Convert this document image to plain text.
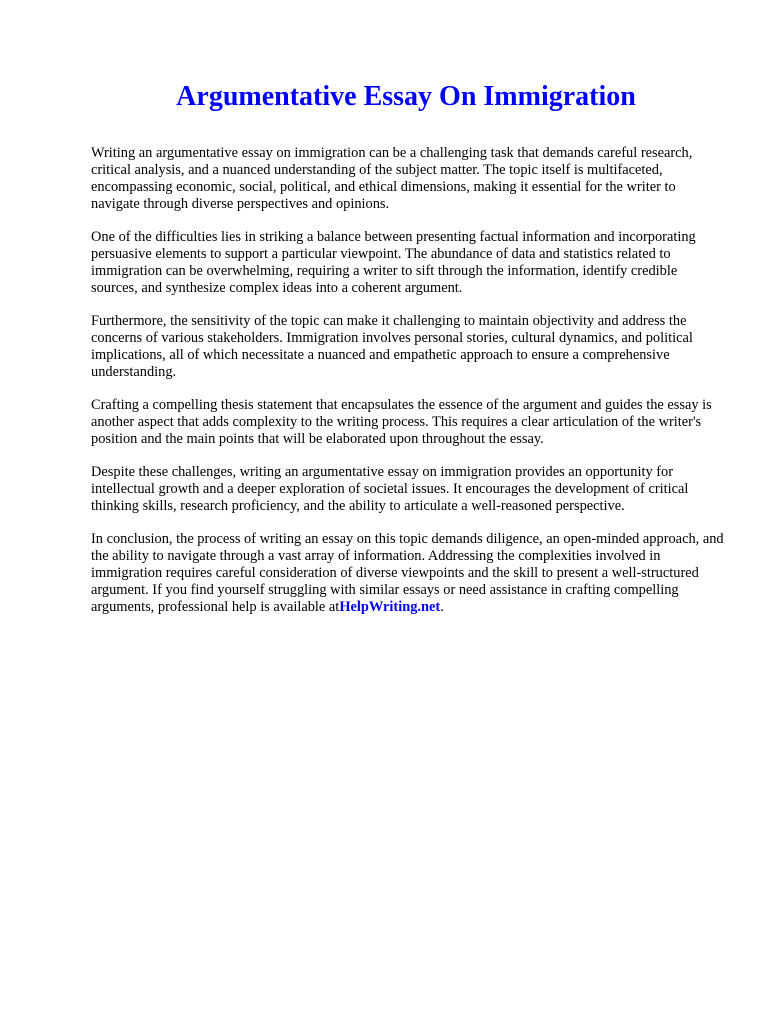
Argumentative Essay On Immigration

Writing an argumentative essay on immigration can be a challenging task that demands careful research, critical analysis, and a nuanced understanding of the subject matter. The topic itself is multifaceted, encompassing economic, social, political, and ethical dimensions, making it essential for the writer to navigate through diverse perspectives and opinions.

One of the difficulties lies in striking a balance between presenting factual information and incorporating persuasive elements to support a particular viewpoint. The abundance of data and statistics related to immigration can be overwhelming, requiring a writer to sift through the information, identify credible sources, and synthesize complex ideas into a coherent argument.

Furthermore, the sensitivity of the topic can make it challenging to maintain objectivity and address the concerns of various stakeholders. Immigration involves personal stories, cultural dynamics, and political implications, all of which necessitate a nuanced and empathetic approach to ensure a comprehensive understanding.

Crafting a compelling thesis statement that encapsulates the essence of the argument and guides the essay is another aspect that adds complexity to the writing process. This requires a clear articulation of the writer's position and the main points that will be elaborated upon throughout the essay.

Despite these challenges, writing an argumentative essay on immigration provides an opportunity for intellectual growth and a deeper exploration of societal issues. It encourages the development of critical thinking skills, research proficiency, and the ability to articulate a well-reasoned perspective.

In conclusion, the process of writing an essay on this topic demands diligence, an open-minded approach, and the ability to navigate through a vast array of information. Addressing the complexities involved in immigration requires careful consideration of diverse viewpoints and the skill to present a well-structured argument. If you find yourself struggling with similar essays or need assistance in crafting compelling arguments, professional help is available atHelpWriting.net.
